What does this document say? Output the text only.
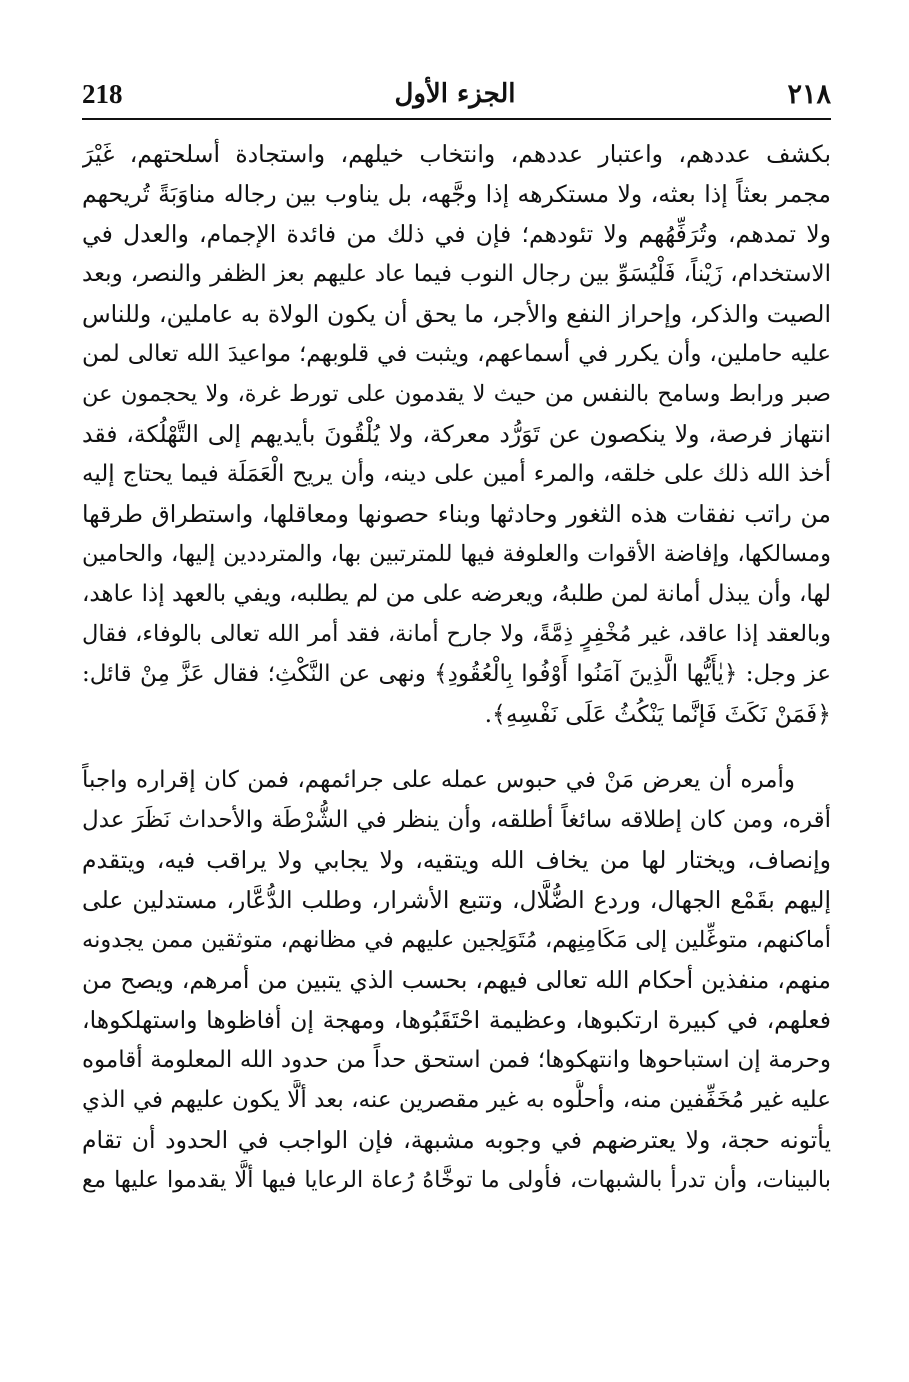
٢١٨
الجزء الأول
218
بكشف عددهم، واعتبار عددهم، وانتخاب خيلهم، واستجادة أسلحتهم، غَيْرَ
مجمر بعثاً إذا بعثه، ولا مستكرهه إذا وجَّهه، بل يناوب بين رجاله مناوَبَةً تُريحهم
ولا تمدهم، وتُرَفِّهُهم ولا تئودهم؛ فإن في ذلك من فائدة الإجمام، والعدل في
الاستخدام، زَيْناً، فَلْيُسَوِّ بين رجال النوب فيما عاد عليهم بعز الظفر والنصر، وبعد
الصيت والذكر، وإحراز النفع والأجر، ما يحق أن يكون الولاة به عاملين، وللناس
عليه حاملين، وأن يكرر في أسماعهم، ويثبت في قلوبهم؛ مواعيدَ الله تعالى لمن
صبر ورابط وسامح بالنفس من حيث لا يقدمون على تورط غرة، ولا يحجمون عن
انتهاز فرصة، ولا ينكصون عن تَوَرُّد معركة، ولا يُلْقُونَ بأيديهم إلى التَّهْلُكة، فقد
أخذ الله ذلك على خلقه، والمرء أمين على دينه، وأن يريح الْعَمَلَة فيما يحتاج إليه
من راتب نفقات هذه الثغور وحادثها وبناء حصونها ومعاقلها، واستطراق طرقها
ومسالكها، وإفاضة الأقوات والعلوفة فيها للمترتبين بها، والمترددين إليها، والحامين
لها، وأن يبذل أمانة لمن طلبهُ، ويعرضه على من لم يطلبه، ويفي بالعهد إذا عاهد،
وبالعقد إذا عاقد، غير مُخْفِرٍ ذِمَّةً، ولا جارح أمانة، فقد أمر الله تعالى بالوفاء، فقال
عز وجل: ﴿يٰأَيُّها الَّذِينَ آمَنُوا أَوْفُوا بِالْعُقُودِ﴾ ونهى عن النَّكْثِ؛ فقال عَزَّ مِنْ قائل:
﴿فَمَنْ نَكَثَ فَإنَّما يَنْكُثُ عَلَى نَفْسِهِ﴾.
وأمره أن يعرض مَنْ في حبوس عمله على جرائمهم، فمن كان إقراره واجباً
أقره، ومن كان إطلاقه سائغاً أطلقه، وأن ينظر في الشُّرْطَة والأحداث نَظَرَ عدل
وإنصاف، ويختار لها من يخاف الله ويتقيه، ولا يجابي ولا يراقب فيه، ويتقدم
إليهم بقَمْع الجهال، وردع الضُّلَّال، وتتبع الأشرار، وطلب الدُّعَّار، مستدلين على
أماكنهم، متوغِّلين إلى مَكَامِنِهم، مُتَوَلِجين عليهم في مظانهم، متوثقين ممن يجدونه
منهم، منفذين أحكام الله تعالى فيهم، بحسب الذي يتبين من أمرهم، ويصح من
فعلهم، في كبيرة ارتكبوها، وعظيمة احْتَقَبُوها، ومهجة إن أفاظوها واستهلكوها،
وحرمة إن استباحوها وانتهكوها؛ فمن استحق حداً من حدود الله المعلومة أقاموه
عليه غير مُخَفِّفين منه، وأحلُّوه به غير مقصرين عنه، بعد ألَّا يكون عليهم في الذي
يأتونه حجة، ولا يعترضهم في وجوبه مشبهة، فإن الواجب في الحدود أن تقام
بالبينات، وأن تدرأ بالشبهات، فأولى ما توخَّاهُ رُعاة الرعايا فيها ألَّا يقدموا عليها مع
